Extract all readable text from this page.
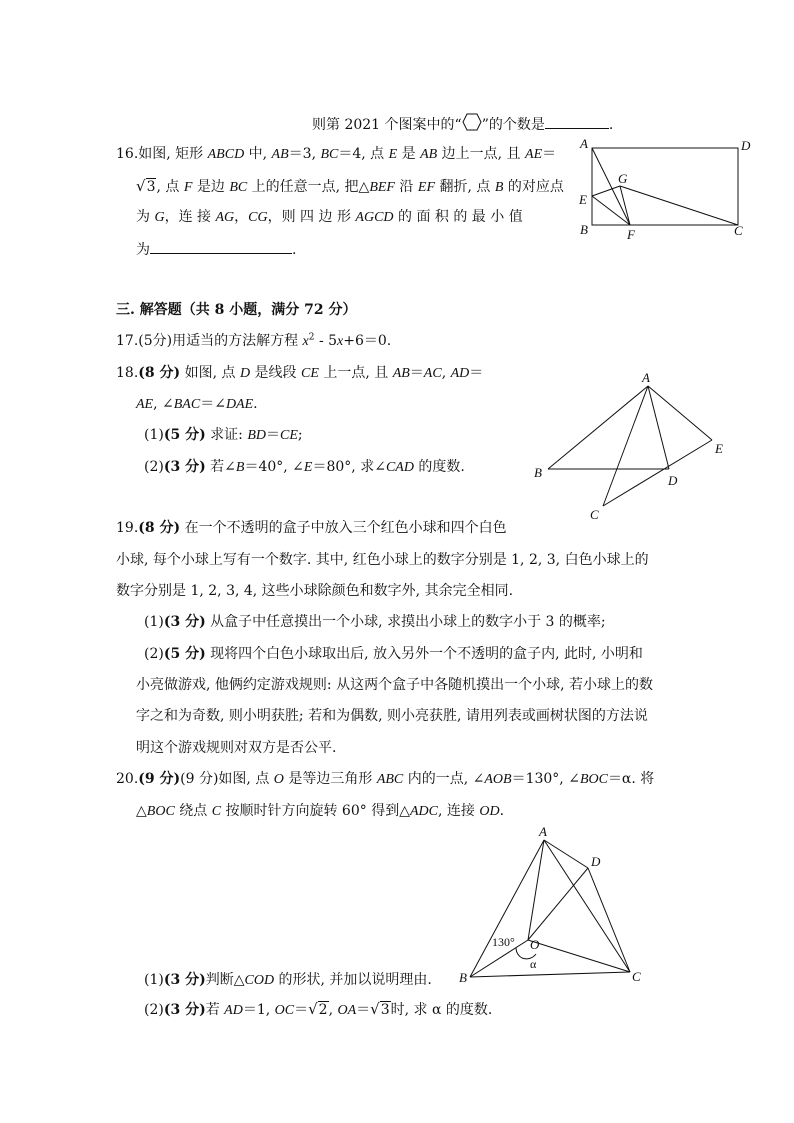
则第 2021 个图案中的“ ”的个数是	.
16.如图, 矩形 ABCD 中, AB＝3, BC＝4, 点 E 是 AB 边上一点, 且 AE＝
√3, 点 F 是边 BC 上的任意一点, 把△BEF 沿 EF 翻折, 点 B 的对应点
为 G，连 接 AG，CG，则 四 边 形 AGCD 的 面 积 的 最 小 值
为	.
A	D
G
E
B	F	C
三. 解答题（共 8 小题，满分 72 分）
17.(5分)用适当的方法解方程 $x^2 - 5x+6=0$.
18.(8 分) 如图, 点 D 是线段 CE 上一点, 且 AB＝AC, AD＝
AE, ∠BAC＝∠DAE.
(1)(5 分) 求证: BD＝CE;
(2)(3 分) 若∠B＝40°, ∠E＝80°, 求∠CAD 的度数.
A
E
B
D
C
19.(8 分) 在一个不透明的盒子中放入三个红色小球和四个白色
小球, 每个小球上写有一个数字. 其中, 红色小球上的数字分别是 1, 2, 3, 白色小球上的
数字分别是 1, 2, 3, 4, 这些小球除颜色和数字外, 其余完全相同.
(1)(3 分) 从盒子中任意摸出一个小球, 求摸出小球上的数字小于 3 的概率;
(2)(5 分) 现将四个白色小球取出后, 放入另外一个不透明的盒子内, 此时, 小明和
小亮做游戏, 他俩约定游戏规则: 从这两个盒子中各随机摸出一个小球, 若小球上的数
字之和为奇数, 则小明获胜; 若和为偶数, 则小亮获胜, 请用列表或画树状图的方法说
明这个游戏规则对双方是否公平.
20.(9 分)(9 分)如图, 点 O 是等边三角形 ABC 内的一点, ∠AOB＝130°, ∠BOC＝α. 将
△BOC 绕点 C 按顺时针方向旋转 60° 得到△ADC, 连接 OD.
(1)(3 分)判断△COD 的形状, 并加以说明理由.
(2)(3 分)若 AD＝1, OC＝√2, OA＝√3时, 求 α 的度数.
A
D
130° O
B
α
C
